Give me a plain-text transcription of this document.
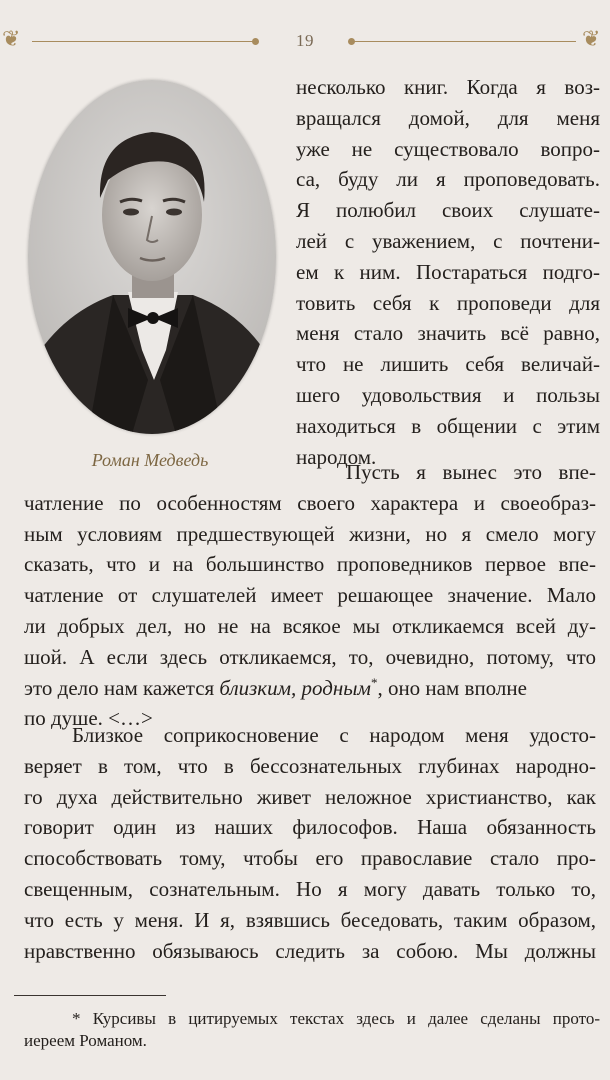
❦	❦
19
Роман Медведь
несколько книг. Когда я воз-
вращался домой, для меня
уже не существовало вопро-
са, буду ли я проповедовать.
Я полюбил своих слушате-
лей с уважением, с почтени-
ем к ним. Постараться подго-
товить себя к проповеди для
меня стало значить всё равно,
что не лишить себя величай-
шего удовольствия и пользы
находиться в общении с этим
народом.
Пусть я вынес это впе-
чатление по особенностям своего характера и своеобраз-
ным условиям предшествующей жизни, но я смело могу
сказать, что и на большинство проповедников первое впе-
чатление от слушателей имеет решающее значение. Мало
ли добрых дел, но не на всякое мы откликаемся всей ду-
шой. А если здесь откликаемся, то, очевидно, потому, что
это дело нам кажется близким, родным*, оно нам вполне
по душе. <…>
Близкое соприкосновение с народом меня удосто-
веряет в том, что в бессознательных глубинах народно-
го духа действительно живет неложное христианство, как
говорит один из наших философов. Наша обязанность
способствовать тому, чтобы его православие стало про-
свещенным, сознательным. Но я могу давать только то,
что есть у меня. И я, взявшись беседовать, таким образом,
нравственно обязываюсь следить за собою. Мы должны
* Курсивы в цитируемых текстах здесь и далее сделаны прото-
иереем Романом.
